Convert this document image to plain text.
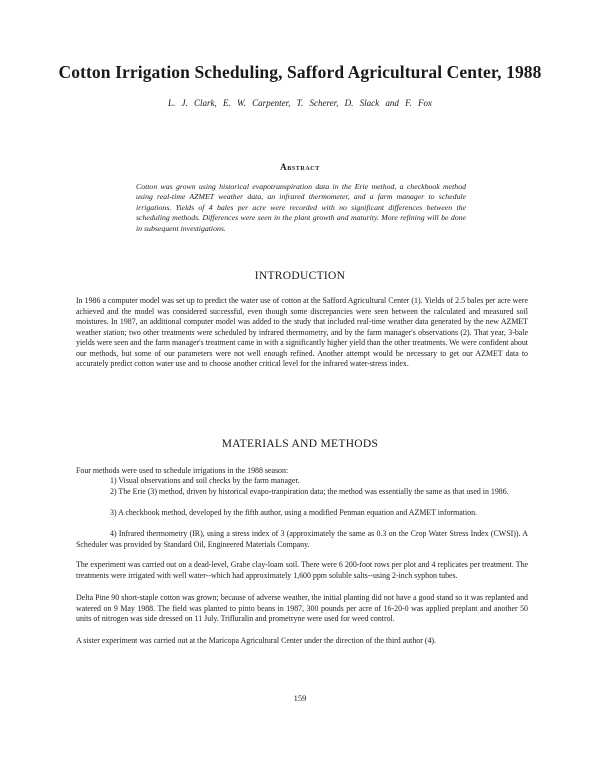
Cotton Irrigation Scheduling, Safford Agricultural Center, 1988

L. J. Clark, E. W. Carpenter, T. Scherer, D. Slack and F. Fox

Abstract

Cotton was grown using historical evapotranspiration data in the Erie method, a checkbook method using real-time AZMET weather data, an infrared thermometer, and a farm manager to schedule irrigations. Yields of 4 bales per acre were recorded with no significant differences between the scheduling methods. Differences were seen in the plant growth and maturity. More refining will be done in subsequent investigations.

INTRODUCTION

In 1986 a computer model was set up to predict the water use of cotton at the Safford Agricultural Center (1). Yields of 2.5 bales per acre were achieved and the model was considered successful, even though some discrepancies were seen between the calculated and measured soil moistures. In 1987, an additional computer model was added to the study that included real-time weather data generated by the new AZMET weather station; two other treatments were scheduled by infrared thermometry, and by the farm manager's observations (2). That year, 3-bale yields were seen and the farm manager's treatment came in with a significantly higher yield than the other treatments. We were confident about our methods, but some of our parameters were not well enough refined. Another attempt would be necessary to get our AZMET data to accurately predict cotton water use and to choose another critical level for the infrared water-stress index.

MATERIALS AND METHODS

Four methods were used to schedule irrigations in the 1988 season:

1) Visual observations and soil checks by the farm manager.

2) The Erie (3) method, driven by historical evapo-tranpiration data; the method was essentially the same as that used in 1986.

3) A checkbook method, developed by the fifth author, using a modified Penman equation and AZMET information.

4) Infrared thermometry (IR), using a stress index of 3 (approximately the same as 0.3 on the Crop Water Stress Index (CWSI)). A Scheduler was provided by Standard Oil, Engineered Materials Company.

The experiment was carried out on a dead-level, Grabe clay-loam soil. There were 6 200-foot rows per plot and 4 replicates per treatment. The treatments were irrigated with well water--which had approximately 1,600 ppm soluble salts--using 2-inch syphon tubes.

Delta Pine 90 short-staple cotton was grown; because of adverse weather, the initial planting did not have a good stand so it was replanted and watered on 9 May 1988. The field was planted to pinto beans in 1987, 300 pounds per acre of 16-20-0 was applied preplant and another 50 units of nitrogen was side dressed on 11 July. Trifluralin and prometryne were used for weed control.

A sister experiment was carried out at the Maricopa Agricultural Center under the direction of the third author (4).

159
